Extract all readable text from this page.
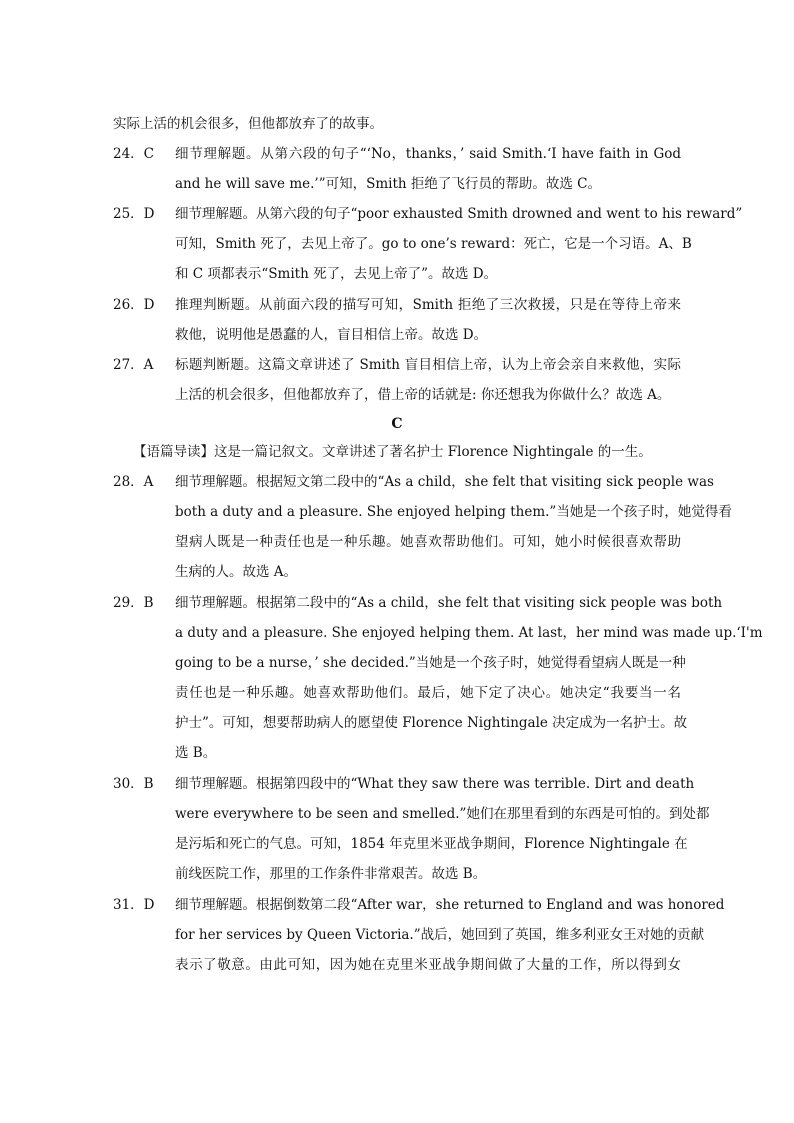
实际上活的机会很多，但他都放弃了的故事。
24．C 细节理解题。从第六段的句子“‘No，thanks，’ said Smith.‘I have faith in God
and he will save me.’”可知，Smith 拒绝了飞行员的帮助。故选 C。
25．D 细节理解题。从第六段的句子“poor exhausted Smith drowned and went to his reward”
可知，Smith 死了，去见上帝了。go to one’s reward：死亡，它是一个习语。A、B
和 C 项都表示“Smith 死了，去见上帝了”。故选 D。
26．D 推理判断题。从前面六段的描写可知，Smith 拒绝了三次救援，只是在等待上帝来
救他，说明他是愚蠢的人，盲目相信上帝。故选 D。
27．A 标题判断题。这篇文章讲述了 Smith 盲目相信上帝，认为上帝会亲自来救他，实际
上活的机会很多，但他都放弃了，借上帝的话就是: 你还想我为你做什么？故选 A。
C
【语篇导读】这是一篇记叙文。文章讲述了著名护士 Florence Nightingale 的一生。
28．A 细节理解题。根据短文第二段中的“As a child，she felt that visiting sick people was
both a duty and a pleasure. She enjoyed helping them.”当她是一个孩子时，她觉得看
望病人既是一种责任也是一种乐趣。她喜欢帮助他们。可知，她小时候很喜欢帮助
生病的人。故选 A。
29．B 细节理解题。根据第二段中的“As a child，she felt that visiting sick people was both
a duty and a pleasure. She enjoyed helping them. At last，her mind was made up.‘I'm
going to be a nurse，’ she decided.”当她是一个孩子时，她觉得看望病人既是一种
责任也是一种乐趣。她喜欢帮助他们。最后，她下定了决心。她决定“我要当一名
护士”。可知，想要帮助病人的愿望使 Florence Nightingale 决定成为一名护士。故
选 B。
30．B 细节理解题。根据第四段中的“What they saw there was terrible. Dirt and death
were everywhere to be seen and smelled.”她们在那里看到的东西是可怕的。到处都
是污垢和死亡的气息。可知，1854 年克里米亚战争期间，Florence Nightingale 在
前线医院工作，那里的工作条件非常艰苦。故选 B。
31．D 细节理解题。根据倒数第二段“After war，she returned to England and was honored
for her services by Queen Victoria.”战后，她回到了英国，维多利亚女王对她的贡献
表示了敬意。由此可知，因为她在克里米亚战争期间做了大量的工作，所以得到女
